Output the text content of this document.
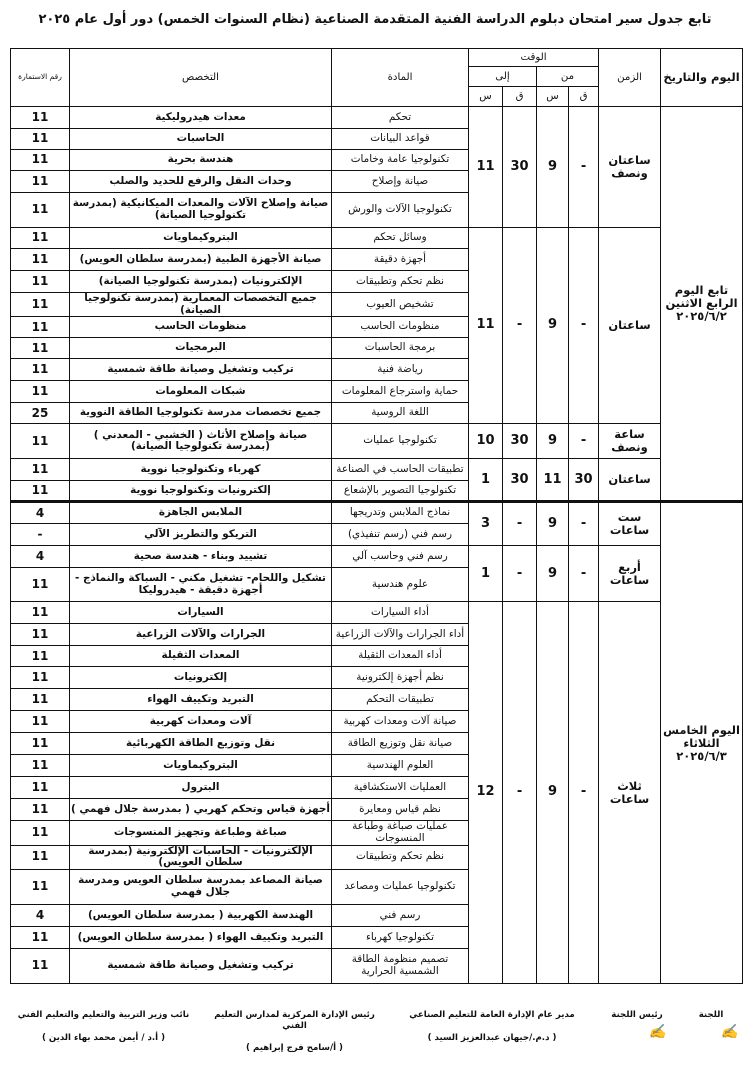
تابع جدول سير امتحان دبلوم الدراسة الفنية المتقدمة الصناعية (نظام السنوات الخمس) دور أول عام ٢٠٢٥
اليوم والتاريخ	الزمن	الوقت				المادة	التخصص	رقم الاستمارة
		من		إلى				
		ق	س	ق	س			
تابع اليوم الرابع الاثنين ٢٠٢٥/٦/٢	ساعتان ونصف	-	9	30	11	تحكم	معدات هيدروليكية	11
						قواعد البيانات	الحاسبات	11
						تكنولوجيا عامة وخامات	هندسة بحرية	11
						صيانة وإصلاح	وحدات النقل والرفع للحديد والصلب	11
						تكنولوجيا الآلات والورش	صيانة وإصلاح الآلات والمعدات الميكانيكية (بمدرسة تكنولوجيا الصيانة)	11
	ساعتان	-	9	-	11	وسائل تحكم	البتروكيماويات	11
						أجهزة دقيقة	صيانة الأجهزة الطبية (بمدرسة سلطان العويس)	11
						نظم تحكم وتطبيقات	الإلكترونيات (بمدرسة تكنولوجيا الصيانة)	11
						تشخيص العيوب	جميع التخصصات المعمارية (بمدرسة تكنولوجيا الصيانة)	11
						منظومات الحاسب	منظومات الحاسب	11
						برمجة الحاسبات	البرمجيات	11
						رياضة فنية	تركيب وتشغيل وصيانة طاقة شمسية	11
						حماية واسترجاع المعلومات	شبكات المعلومات	11
						اللغة الروسية	جميع تخصصات مدرسة تكنولوجيا الطاقة النووية	25
	ساعة ونصف	-	9	30	10	تكنولوجيا عمليات	صيانة وإصلاح الأثاث ( الخشبي - المعدني ) (بمدرسة تكنولوجيا الصيانة)	11
	ساعتان	30	11	30	1	تطبيقات الحاسب في الصناعة	كهرباء وتكنولوجيا نووية	11
						تكنولوجيا التصوير بالإشعاع	إلكترونيات وتكنولوجيا نووية	11
اليوم الخامس الثلاثاء ٢٠٢٥/٦/٣	ست ساعات	-	9	-	3	نماذج الملابس وتدريجها	الملابس الجاهزة	4
						رسم فني (رسم تنفيذي)	التريكو والتطريز الآلي	-
	أربع ساعات	-	9	-	1	رسم فني وحاسب آلي	تشييد وبناء - هندسة صحية	4
						علوم هندسية	تشكيل واللحام- تشغيل مكني - السباكة والنماذج - أجهزة دقيقة - هيدروليكا	11
	ثلاث ساعات	-	9	-	12	أداء السيارات	السيارات	11
						أداء الجرارات والآلات الزراعية	الجرارات والآلات الزراعية	11
						أداء المعدات الثقيلة	المعدات الثقيلة	11
						نظم أجهزة إلكترونية	إلكترونيات	11
						تطبيقات التحكم	التبريد وتكييف الهواء	11
						صيانة آلات ومعدات كهربية	آلات ومعدات كهربية	11
						صيانة نقل وتوزيع الطاقة	نقل وتوزيع الطاقة الكهربائية	11
						العلوم الهندسية	البتروكيماويات	11
						العمليات الاستكشافية	البترول	11
						نظم قياس ومعايرة	أجهزة قياس وتحكم كهربي ( بمدرسة جلال فهمي )	11
						عمليات صباغة وطباعة المنسوجات	صباغة وطباعة وتجهيز المنسوجات	11
						نظم تحكم وتطبيقات	الإلكترونيات - الحاسبات الإلكترونية (بمدرسة سلطان العويس)	11
						تكنولوجيا عمليات ومصاعد	صيانة المصاعد بمدرسة سلطان العويس ومدرسة جلال فهمي	11
						رسم فني	الهندسة الكهربية ( بمدرسة سلطان العويس)	4
						تكنولوجيا كهرباء	التبريد وتكييف الهواء ( بمدرسة سلطان العويس)	11
						تصميم منظومة الطاقة الشمسية الحرارية	تركيب وتشغيل وصيانة طاقة شمسية	11
اللجنة
✍
رئيس اللجنة
✍
مدير عام الإدارة العامة للتعليم الصناعي
( د.م./جيهان عبدالعزيز السيد )
رئيس الإدارة المركزية لمدارس التعليم الفني
( أ/سامح فرج إبراهيم )
نائب وزير التربية والتعليم والتعليم الفني
( أ.د / أيمن محمد بهاء الدين )
